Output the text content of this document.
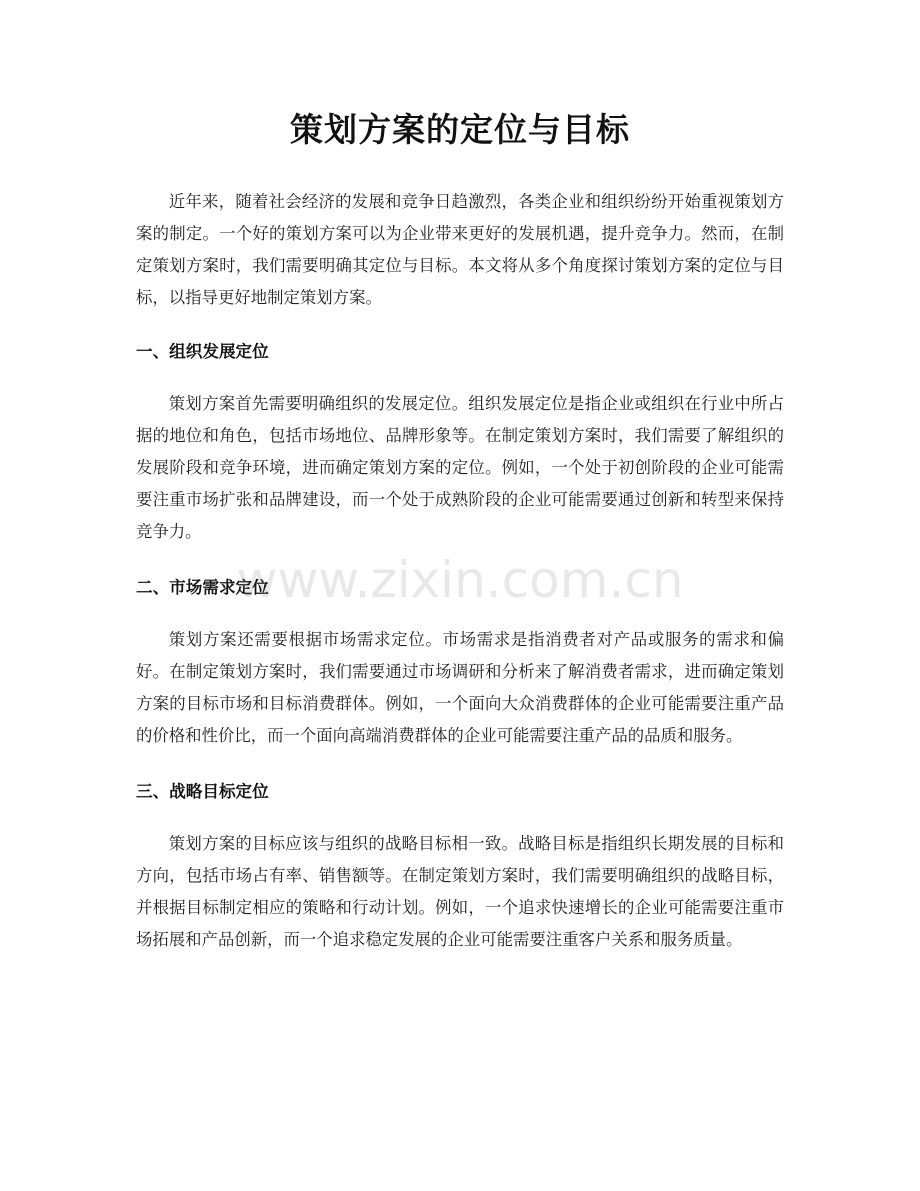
策划方案的定位与目标

近年来，随着社会经济的发展和竞争日趋激烈，各类企业和组织纷纷开始重视策划方案的制定。一个好的策划方案可以为企业带来更好的发展机遇，提升竞争力。然而，在制定策划方案时，我们需要明确其定位与目标。本文将从多个角度探讨策划方案的定位与目标，以指导更好地制定策划方案。

一、组织发展定位

策划方案首先需要明确组织的发展定位。组织发展定位是指企业或组织在行业中所占据的地位和角色，包括市场地位、品牌形象等。在制定策划方案时，我们需要了解组织的发展阶段和竞争环境，进而确定策划方案的定位。例如，一个处于初创阶段的企业可能需要注重市场扩张和品牌建设，而一个处于成熟阶段的企业可能需要通过创新和转型来保持竞争力。

二、市场需求定位

策划方案还需要根据市场需求定位。市场需求是指消费者对产品或服务的需求和偏好。在制定策划方案时，我们需要通过市场调研和分析来了解消费者需求，进而确定策划方案的目标市场和目标消费群体。例如，一个面向大众消费群体的企业可能需要注重产品的价格和性价比，而一个面向高端消费群体的企业可能需要注重产品的品质和服务。

三、战略目标定位

策划方案的目标应该与组织的战略目标相一致。战略目标是指组织长期发展的目标和方向，包括市场占有率、销售额等。在制定策划方案时，我们需要明确组织的战略目标，并根据目标制定相应的策略和行动计划。例如，一个追求快速增长的企业可能需要注重市场拓展和产品创新，而一个追求稳定发展的企业可能需要注重客户关系和服务质量。

www.zixin.com.cn
